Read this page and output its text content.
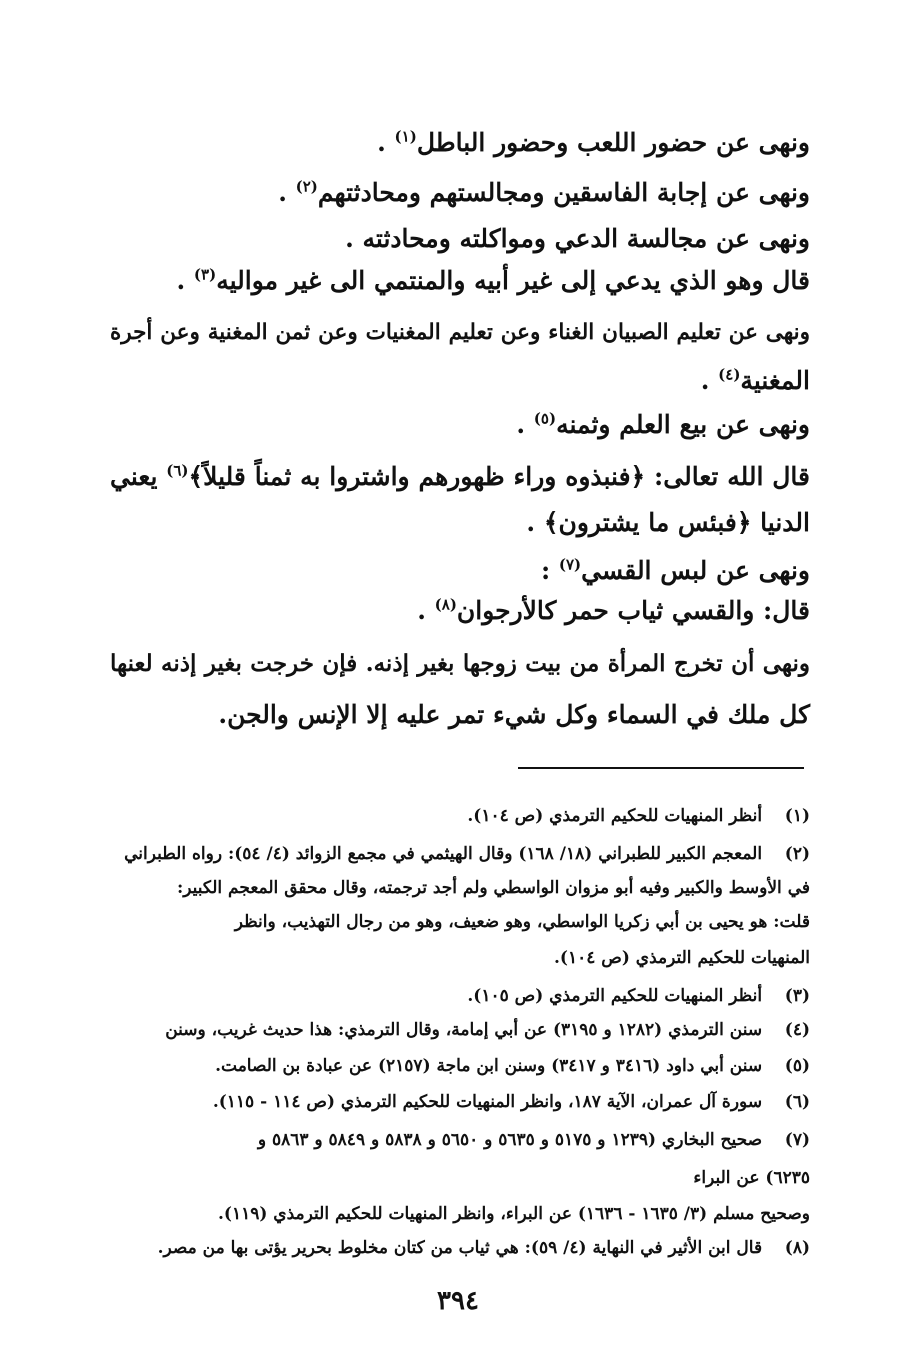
ونهى عن حضور اللعب وحضور الباطل$^{(١)}$ .
ونهى عن إجابة الفاسقين ومجالستهم ومحادثتهم$^{(٢)}$ .
ونهى عن مجالسة الدعي ومواكلته ومحادثته .
قال وهو الذي يدعي إلى غير أبيه والمنتمي الى غير مواليه$^{(٣)}$ .
ونهى عن تعليم الصبيان الغناء وعن تعليم المغنيات وعن ثمن المغنية وعن أجرة
المغنية$^{(٤)}$ .
ونهى عن بيع العلم وثمنه$^{(٥)}$ .
قال الله تعالى: ﴿فنبذوه وراء ظهورهم واشتروا به ثمناً قليلاً﴾$^{(٦)}$ يعني
الدنيا ﴿فبئس ما يشترون﴾ .
ونهى عن لبس القسي$^{(٧)}$ :
قال: والقسي ثياب حمر كالأرجوان$^{(٨)}$ .
ونهى أن تخرج المرأة من بيت زوجها بغير إذنه. فإن خرجت بغير إذنه لعنها
كل ملك في السماء وكل شيء تمر عليه إلا الإنس والجن.
(١) أنظر المنهيات للحكيم الترمذي (ص ١٠٤).
(٢) المعجم الكبير للطبراني (١٨/ ١٦٨) وقال الهيثمي في مجمع الزوائد (٤/ ٥٤): رواه الطبراني
في الأوسط والكبير وفيه أبو مزوان الواسطي ولم أجد ترجمته، وقال محقق المعجم الكبير:
قلت: هو يحيى بن أبي زكريا الواسطي، وهو ضعيف، وهو من رجال التهذيب، وانظر
المنهيات للحكيم الترمذي (ص ١٠٤).
(٣) أنظر المنهيات للحكيم الترمذي (ص ١٠٥).
(٤) سنن الترمذي (١٢٨٢ و ٣١٩٥) عن أبي إمامة، وقال الترمذي: هذا حديث غريب، وسنن
(٥) سنن أبي داود (٣٤١٦ و ٣٤١٧) وسنن ابن ماجة (٢١٥٧) عن عبادة بن الصامت.
(٦) سورة آل عمران، الآية ١٨٧، وانظر المنهيات للحكيم الترمذي (ص ١١٤ - ١١٥).
(٧) صحيح البخاري (١٢٣٩ و ٥١٧٥ و ٥٦٣٥ و ٥٦٥٠ و ٥٨٣٨ و ٥٨٤٩ و ٥٨٦٣ و
٦٢٣٥) عن البراء
وصحيح مسلم (٣/ ١٦٣٥ - ١٦٣٦) عن البراء، وانظر المنهيات للحكيم الترمذي (١١٩).
(٨) قال ابن الأثير في النهاية (٤/ ٥٩): هي ثياب من كتان مخلوط بحرير يؤتى بها من مصر.
٣٩٤
